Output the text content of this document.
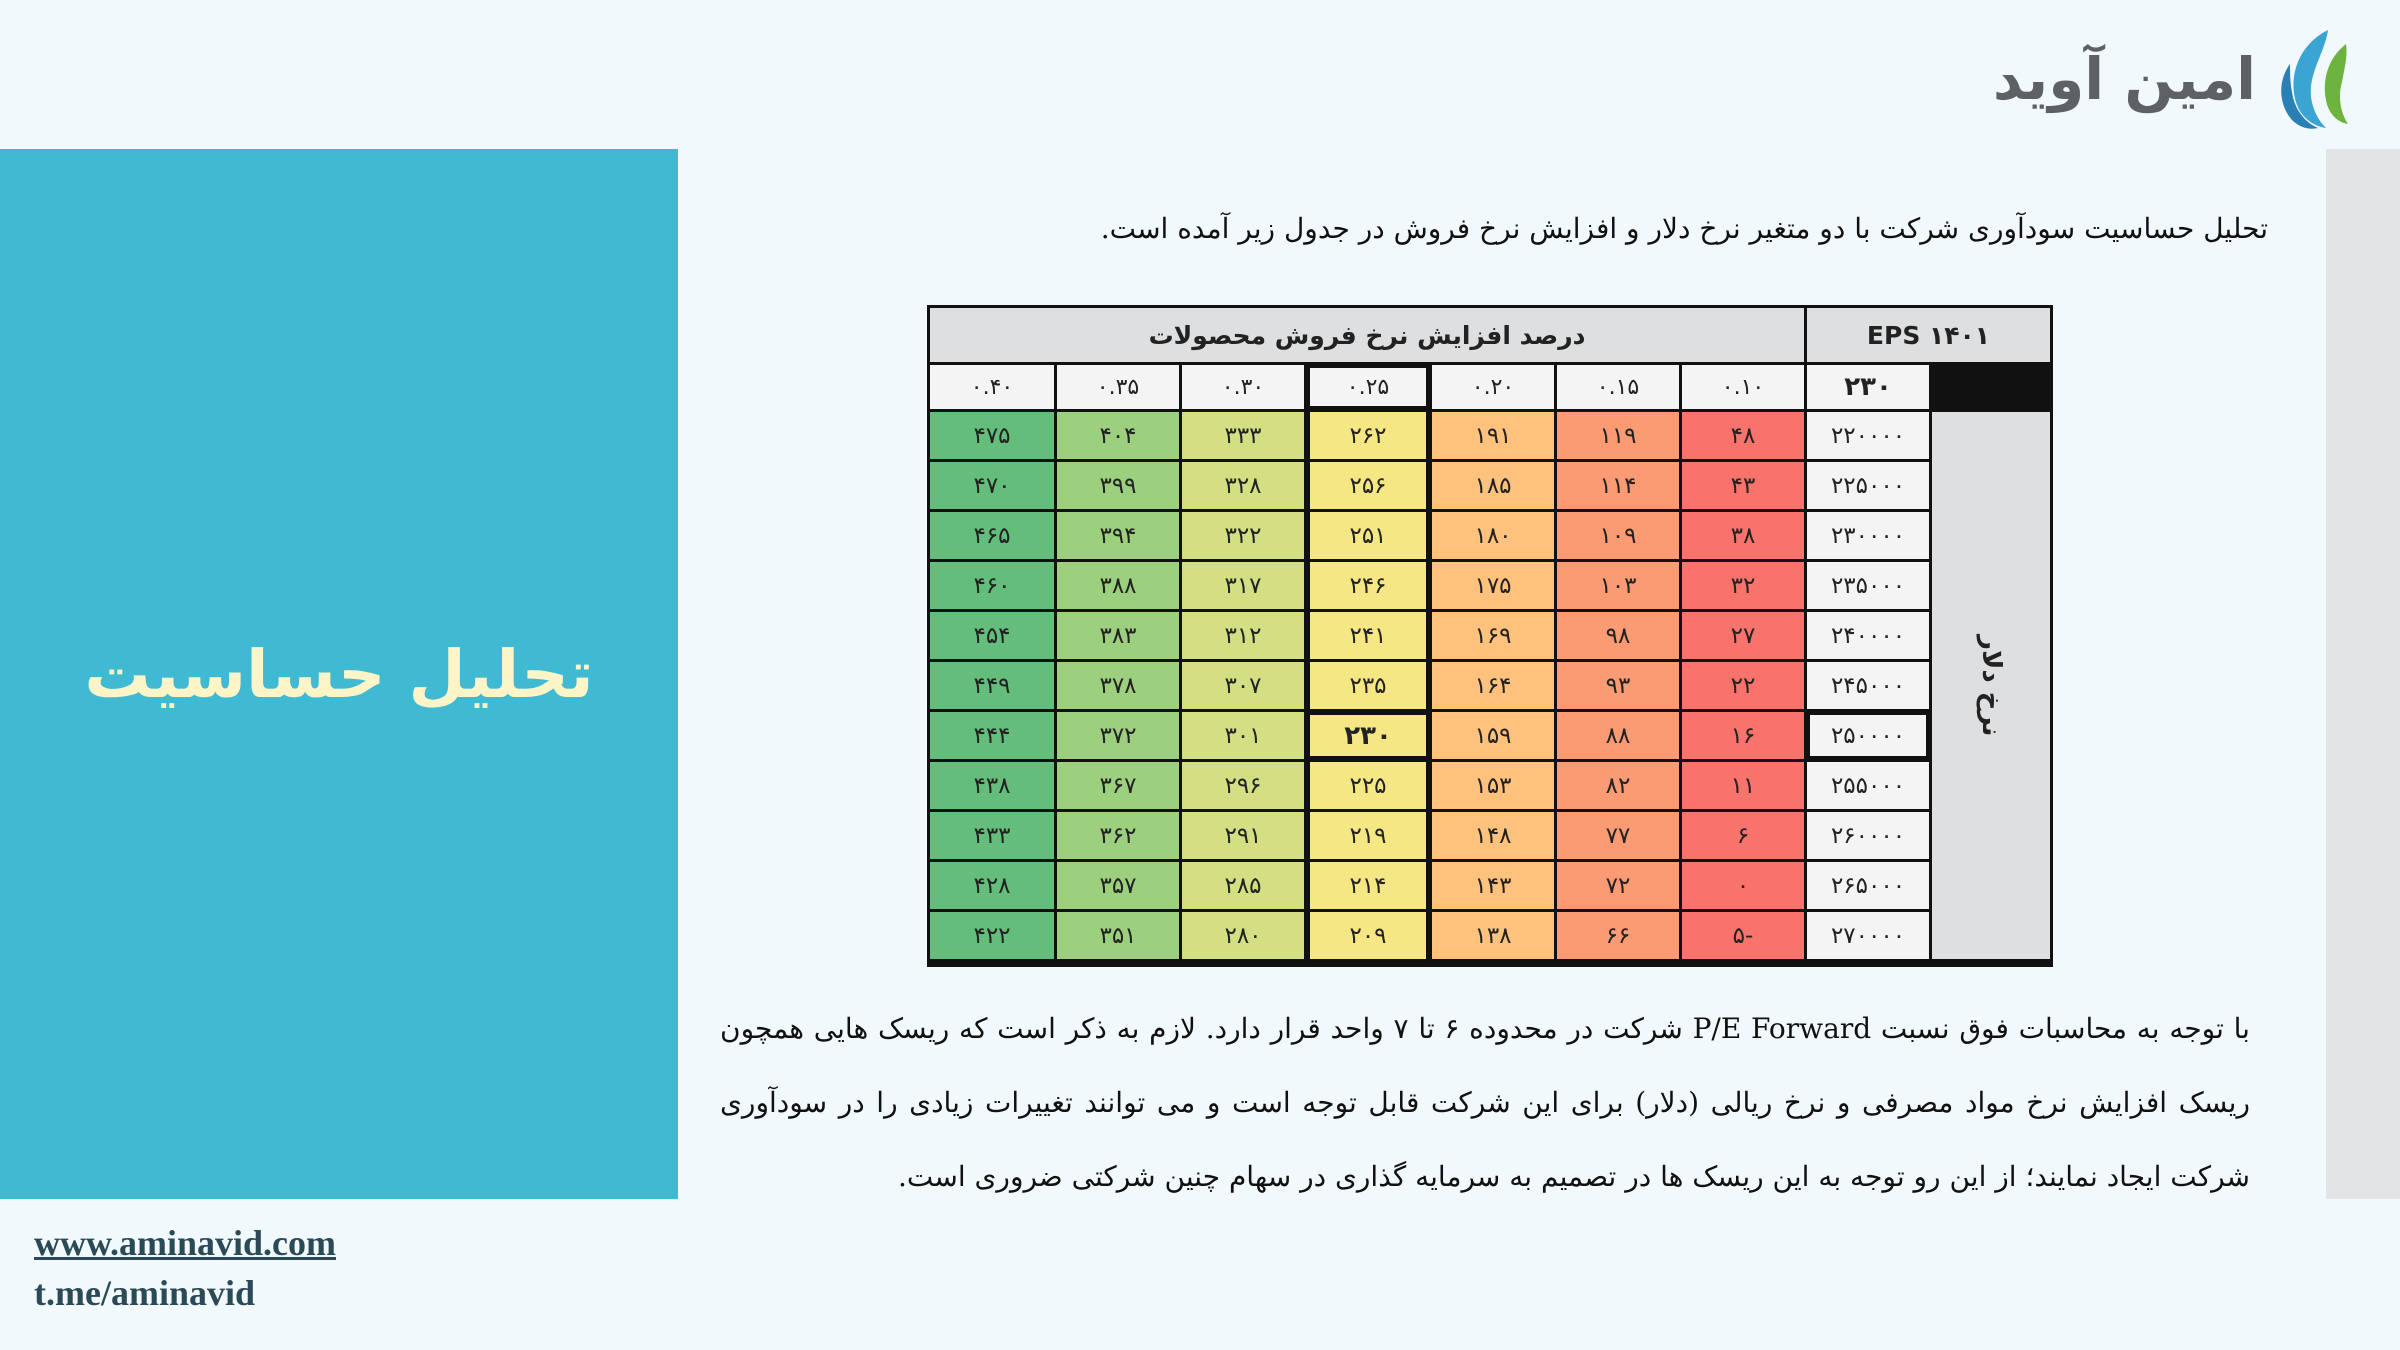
امین آوید
تحلیل حساسیت
تحلیل حساسیت سودآوری شرکت با دو متغیر نرخ دلار و افزایش نرخ فروش در جدول زیر آمده است.
EPS ۱۴۰۱
درصد افزایش نرخ فروش محصولات
۲۳۰
نرخ دلار
۰.۱۰
۰.۱۵
۰.۲۰
۰.۲۵
۰.۳۰
۰.۳۵
۰.۴۰
۲۲۰۰۰۰
۴۸
۱۱۹
۱۹۱
۲۶۲
۳۳۳
۴۰۴
۴۷۵
۲۲۵۰۰۰
۴۳
۱۱۴
۱۸۵
۲۵۶
۳۲۸
۳۹۹
۴۷۰
۲۳۰۰۰۰
۳۸
۱۰۹
۱۸۰
۲۵۱
۳۲۲
۳۹۴
۴۶۵
۲۳۵۰۰۰
۳۲
۱۰۳
۱۷۵
۲۴۶
۳۱۷
۳۸۸
۴۶۰
۲۴۰۰۰۰
۲۷
۹۸
۱۶۹
۲۴۱
۳۱۲
۳۸۳
۴۵۴
۲۴۵۰۰۰
۲۲
۹۳
۱۶۴
۲۳۵
۳۰۷
۳۷۸
۴۴۹
۲۵۰۰۰۰
۱۶
۸۸
۱۵۹
۲۳۰
۳۰۱
۳۷۲
۴۴۴
۲۵۵۰۰۰
۱۱
۸۲
۱۵۳
۲۲۵
۲۹۶
۳۶۷
۴۳۸
۲۶۰۰۰۰
۶
۷۷
۱۴۸
۲۱۹
۲۹۱
۳۶۲
۴۳۳
۲۶۵۰۰۰
۰
۷۲
۱۴۳
۲۱۴
۲۸۵
۳۵۷
۴۲۸
۲۷۰۰۰۰
-۵
۶۶
۱۳۸
۲۰۹
۲۸۰
۳۵۱
۴۲۲
با توجه به محاسبات فوق نسبت P/E Forward شرکت در محدوده ۶ تا ۷ واحد قرار دارد. لازم به ذکر است که ریسک هایی همچون ریسک افزایش نرخ مواد مصرفی و نرخ ریالی (دلار) برای این شرکت قابل توجه است و می توانند تغییرات زیادی را در سودآوری شرکت ایجاد نمایند؛ از این رو توجه به این ریسک ها در تصمیم به سرمایه گذاری در سهام چنین شرکتی ضروری است.
www.aminavid.com
t.me/aminavid
